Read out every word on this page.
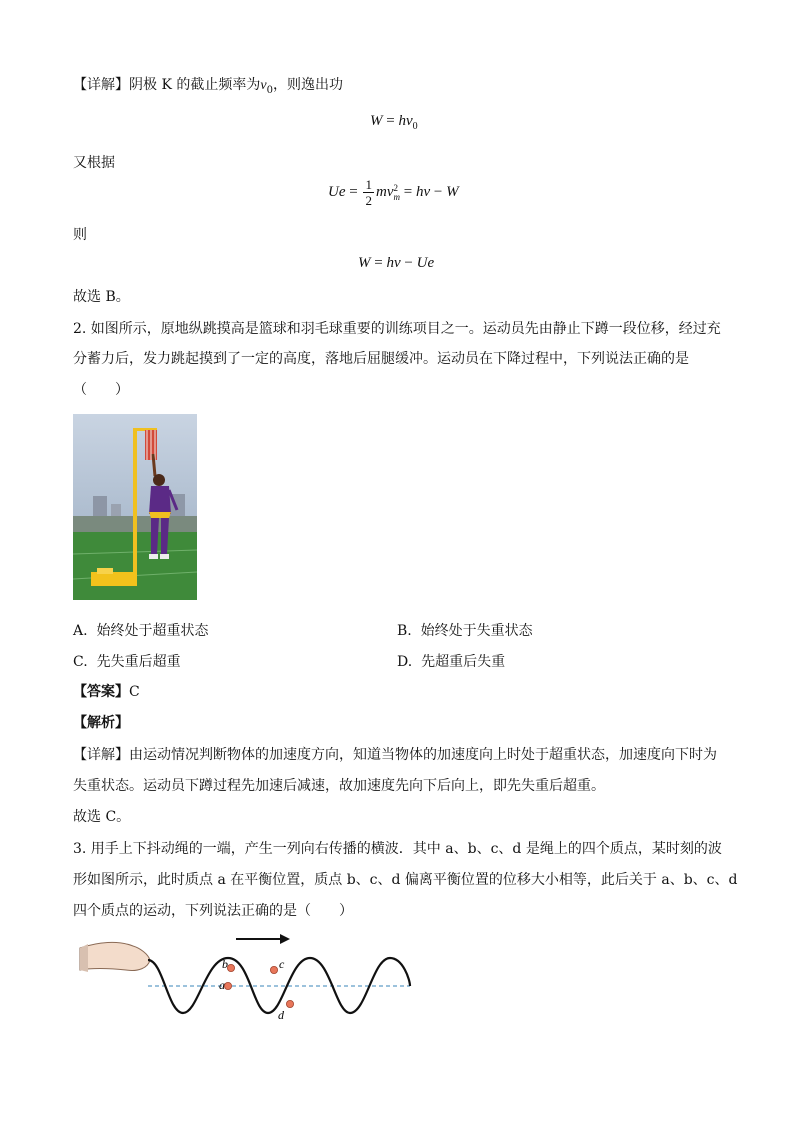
【详解】阴极 K 的截止频率为$\nu_0$，则逸出功
$W = h\nu_0$
又根据
$Ue = \frac{1}{2}$ mv 2
m = hν − W
则
W = hν − Ue
故选 B。
2. 如图所示，原地纵跳摸高是篮球和羽毛球重要的训练项目之一。运动员先由静止下蹲一段位移，经过充
分蓄力后，发力跳起摸到了一定的高度，落地后屈腿缓冲。运动员在下降过程中，下列说法正确的是
（　　）
A. 始终处于超重状态	B. 始终处于失重状态
C. 先失重后超重	D. 先超重后失重
【答案】C
【解析】
【详解】由运动情况判断物体的加速度方向，知道当物体的加速度向上时处于超重状态，加速度向下时为
失重状态。运动员下蹲过程先加速后减速，故加速度先向下后向上，即先失重后超重。
故选 C。
3. 用手上下抖动绳的一端，产生一列向右传播的横波．其中 a、b、c、d 是绳上的四个质点，某时刻的波
形如图所示，此时质点 a 在平衡位置，质点 b、c、d 偏离平衡位置的位移大小相等，此后关于 a、b、c、d
四个质点的运动，下列说法正确的是（　　）
b
a
c
d
